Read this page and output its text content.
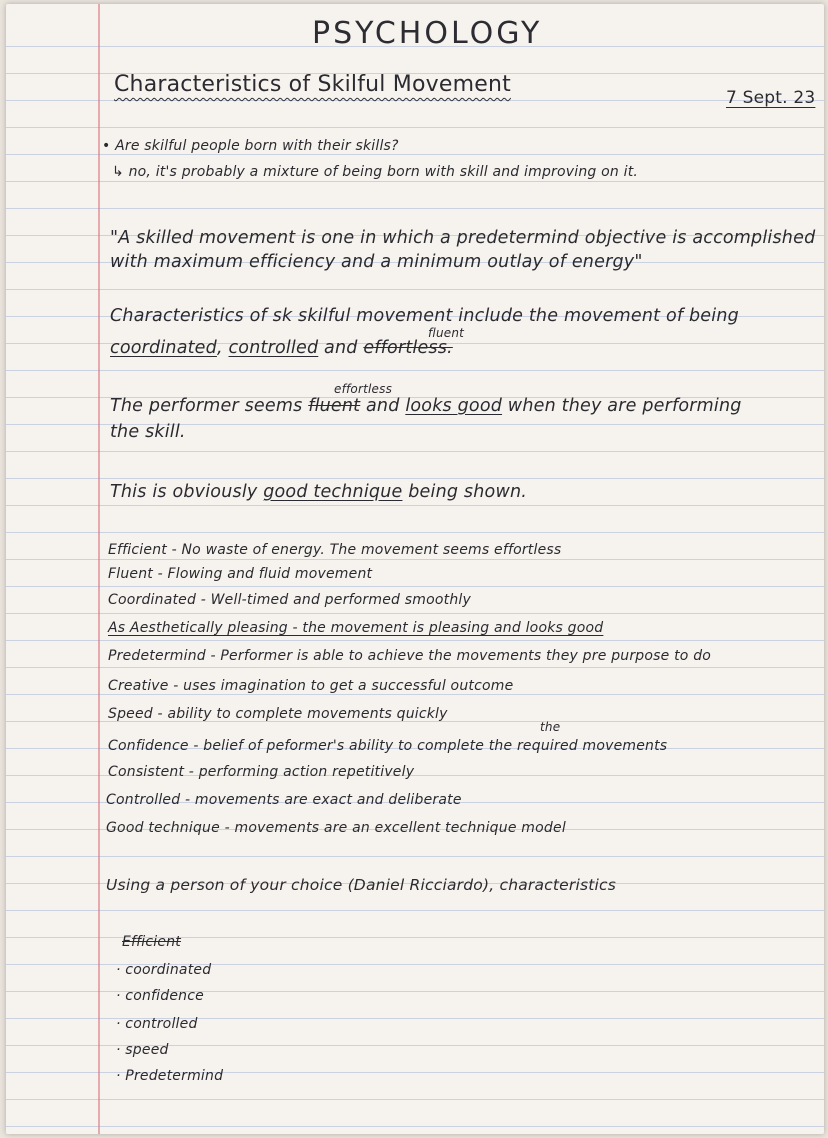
PSYCHOLOGY

Characteristics of Skilful Movement

7 Sept. 23

• Are skilful people born with their skills?

↳ no, it's probably a mixture of being born with skill and improving on it.

"A skilled movement is one in which a predetermind objective is accomplished

with maximum efficiency and a minimum outlay of energy"

Characteristics of sk skilful movement include the movement of being

fluent

coordinated, controlled and effortless.

effortless

The performer seems fluent and looks good when they are performing

the skill.

This is obviously good technique being shown.

Efficient - No waste of energy. The movement seems effortless

Fluent - Flowing and fluid movement

Coordinated - Well-timed and performed smoothly

As Aesthetically pleasing - the movement is pleasing and looks good

Predetermind - Performer is able to achieve the movements they pre purpose to do

Creative - uses imagination to get a successful outcome

Speed - ability to complete movements quickly

the

Confidence - belief of peformer's ability to complete the required movements

Consistent - performing action repetitively

Controlled - movements are exact and deliberate

Good technique - movements are an excellent technique model

Using a person of your choice (Daniel Ricciardo), characteristics

Efficient

· coordinated

· confidence

· controlled

· speed

· Predetermind
